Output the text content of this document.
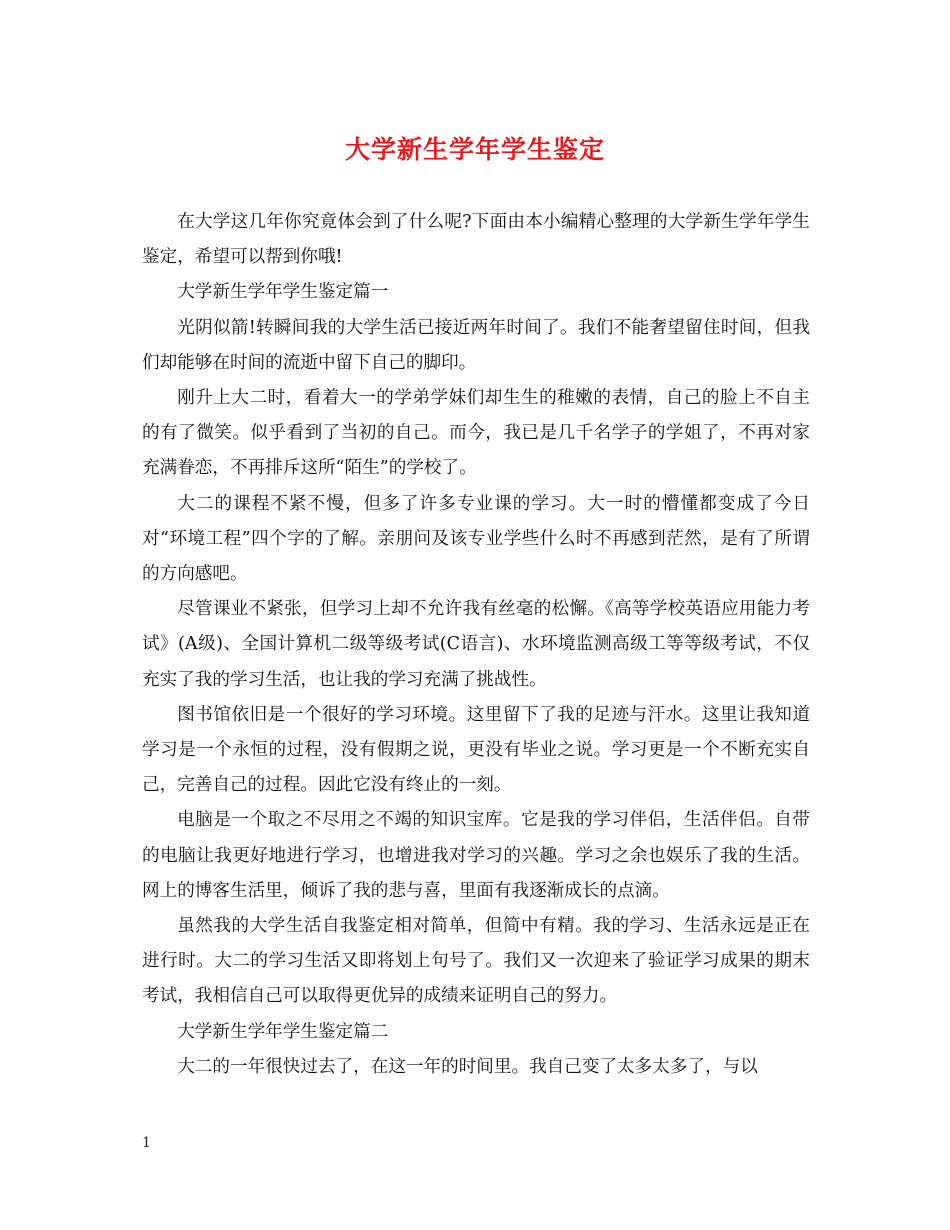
大学新生学年学生鉴定

在大学这几年你究竟体会到了什么呢?下面由本小编精心整理的大学新生学年学生鉴定，希望可以帮到你哦!

大学新生学年学生鉴定篇一

光阴似箭!转瞬间我的大学生活已接近两年时间了。我们不能奢望留住时间，但我们却能够在时间的流逝中留下自己的脚印。

刚升上大二时，看着大一的学弟学妹们却生生的稚嫩的表情，自己的脸上不自主的有了微笑。似乎看到了当初的自己。而今，我已是几千名学子的学姐了，不再对家充满眷恋，不再排斥这所“陌生”的学校了。

大二的课程不紧不慢，但多了许多专业课的学习。大一时的懵懂都变成了今日对“环境工程”四个字的了解。亲朋问及该专业学些什么时不再感到茫然，是有了所谓的方向感吧。

尽管课业不紧张，但学习上却不允许我有丝毫的松懈。《高等学校英语应用能力考试》(A级)、全国计算机二级等级考试(C语言)、水环境监测高级工等等级考试，不仅充实了我的学习生活，也让我的学习充满了挑战性。

图书馆依旧是一个很好的学习环境。这里留下了我的足迹与汗水。这里让我知道学习是一个永恒的过程，没有假期之说，更没有毕业之说。学习更是一个不断充实自己，完善自己的过程。因此它没有终止的一刻。

电脑是一个取之不尽用之不竭的知识宝库。它是我的学习伴侣，生活伴侣。自带的电脑让我更好地进行学习，也增进我对学习的兴趣。学习之余也娱乐了我的生活。网上的博客生活里，倾诉了我的悲与喜，里面有我逐渐成长的点滴。

虽然我的大学生活自我鉴定相对简单，但简中有精。我的学习、生活永远是正在进行时。大二的学习生活又即将划上句号了。我们又一次迎来了验证学习成果的期末考试，我相信自己可以取得更优异的成绩来证明自己的努力。

大学新生学年学生鉴定篇二

大二的一年很快过去了，在这一年的时间里。我自己变了太多太多了，与以

1
